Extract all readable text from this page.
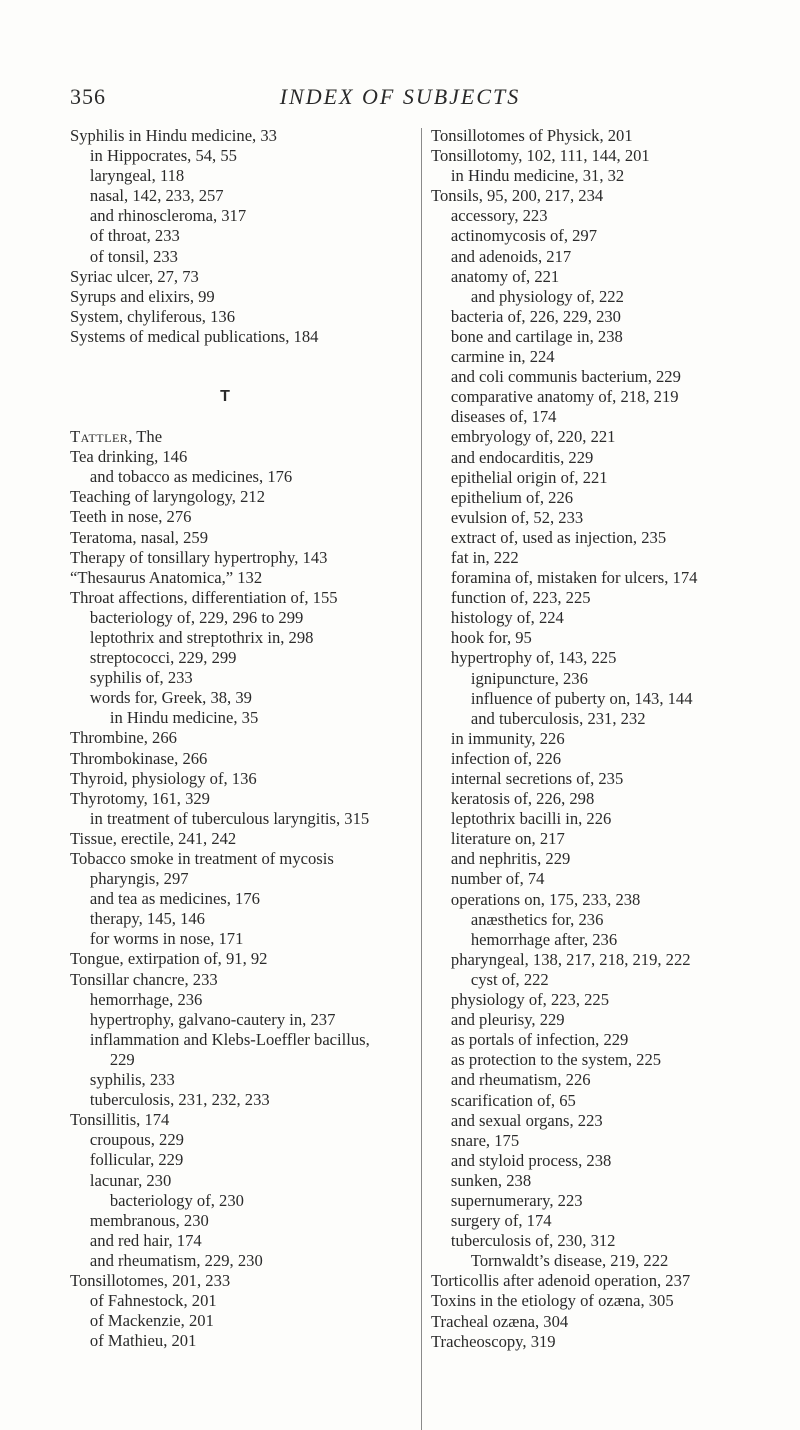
356	INDEX OF SUBJECTS
Syphilis in Hindu medicine, 33
in Hippocrates, 54, 55
laryngeal, 118
nasal, 142, 233, 257
and rhinoscleroma, 317
of throat, 233
of tonsil, 233
Syriac ulcer, 27, 73
Syrups and elixirs, 99
System, chyliferous, 136
Systems of medical publications, 184
T
Tattler, The
Tea drinking, 146
and tobacco as medicines, 176
Teaching of laryngology, 212
Teeth in nose, 276
Teratoma, nasal, 259
Therapy of tonsillary hypertrophy, 143
“Thesaurus Anatomica,” 132
Throat affections, differentiation of, 155
bacteriology of, 229, 296 to 299
leptothrix and streptothrix in, 298
streptococci, 229, 299
syphilis of, 233
words for, Greek, 38, 39
in Hindu medicine, 35
Thrombine, 266
Thrombokinase, 266
Thyroid, physiology of, 136
Thyrotomy, 161, 329
in treatment of tuberculous laryngitis, 315
Tissue, erectile, 241, 242
Tobacco smoke in treatment of mycosis pharyngis, 297
and tea as medicines, 176
therapy, 145, 146
for worms in nose, 171
Tongue, extirpation of, 91, 92
Tonsillar chancre, 233
hemorrhage, 236
hypertrophy, galvano-cautery in, 237
inflammation and Klebs-Loeffler bacillus, 229
syphilis, 233
tuberculosis, 231, 232, 233
Tonsillitis, 174
croupous, 229
follicular, 229
lacunar, 230
bacteriology of, 230
membranous, 230
and red hair, 174
and rheumatism, 229, 230
Tonsillotomes, 201, 233
of Fahnestock, 201
of Mackenzie, 201
of Mathieu, 201
Tonsillotomes of Physick, 201
Tonsillotomy, 102, 111, 144, 201
in Hindu medicine, 31, 32
Tonsils, 95, 200, 217, 234
accessory, 223
actinomycosis of, 297
and adenoids, 217
anatomy of, 221
and physiology of, 222
bacteria of, 226, 229, 230
bone and cartilage in, 238
carmine in, 224
and coli communis bacterium, 229
comparative anatomy of, 218, 219
diseases of, 174
embryology of, 220, 221
and endocarditis, 229
epithelial origin of, 221
epithelium of, 226
evulsion of, 52, 233
extract of, used as injection, 235
fat in, 222
foramina of, mistaken for ulcers, 174
function of, 223, 225
histology of, 224
hook for, 95
hypertrophy of, 143, 225
ignipuncture, 236
influence of puberty on, 143, 144
and tuberculosis, 231, 232
in immunity, 226
infection of, 226
internal secretions of, 235
keratosis of, 226, 298
leptothrix bacilli in, 226
literature on, 217
and nephritis, 229
number of, 74
operations on, 175, 233, 238
anæsthetics for, 236
hemorrhage after, 236
pharyngeal, 138, 217, 218, 219, 222
cyst of, 222
physiology of, 223, 225
and pleurisy, 229
as portals of infection, 229
as protection to the system, 225
and rheumatism, 226
scarification of, 65
and sexual organs, 223
snare, 175
and styloid process, 238
sunken, 238
supernumerary, 223
surgery of, 174
tuberculosis of, 230, 312
Tornwaldt’s disease, 219, 222
Torticollis after adenoid operation, 237
Toxins in the etiology of ozæna, 305
Tracheal ozæna, 304
Tracheoscopy, 319
